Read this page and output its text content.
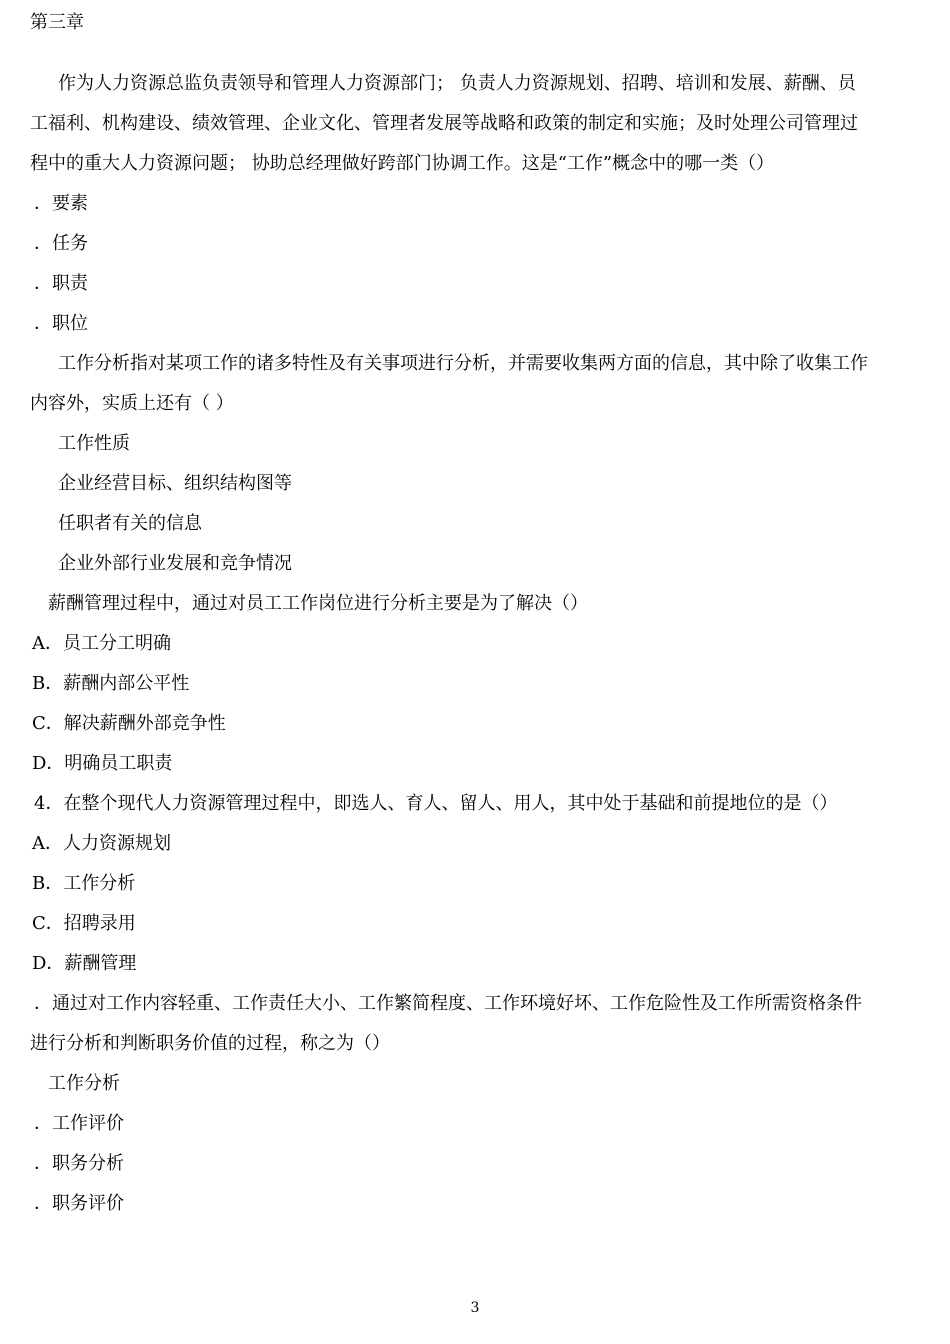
第三章
作为人力资源总监负责领导和管理人力资源部门； 负责人力资源规划、招聘、培训和发展、薪酬、员
工福利、机构建设、绩效管理、企业文化、管理者发展等战略和政策的制定和实施；及时处理公司管理过
程中的重大人力资源问题； 协助总经理做好跨部门协调工作。这是“工作”概念中的哪一类（）
．要素
．任务
．职责
．职位
工作分析指对某项工作的诸多特性及有关事项进行分析，并需要收集两方面的信息，其中除了收集工作
内容外，实质上还有（ ）
工作性质
企业经营目标、组织结构图等
任职者有关的信息
企业外部行业发展和竞争情况
薪酬管理过程中，通过对员工工作岗位进行分析主要是为了解决（）
A．员工分工明确
B．薪酬内部公平性
C．解决薪酬外部竞争性
D．明确员工职责
4．在整个现代人力资源管理过程中，即选人、育人、留人、用人，其中处于基础和前提地位的是（）
A．人力资源规划
B．工作分析
C．招聘录用
D．薪酬管理
．通过对工作内容轻重、工作责任大小、工作繁简程度、工作环境好坏、工作危险性及工作所需资格条件
进行分析和判断职务价值的过程，称之为（）
工作分析
．工作评价
．职务分析
．职务评价
3
